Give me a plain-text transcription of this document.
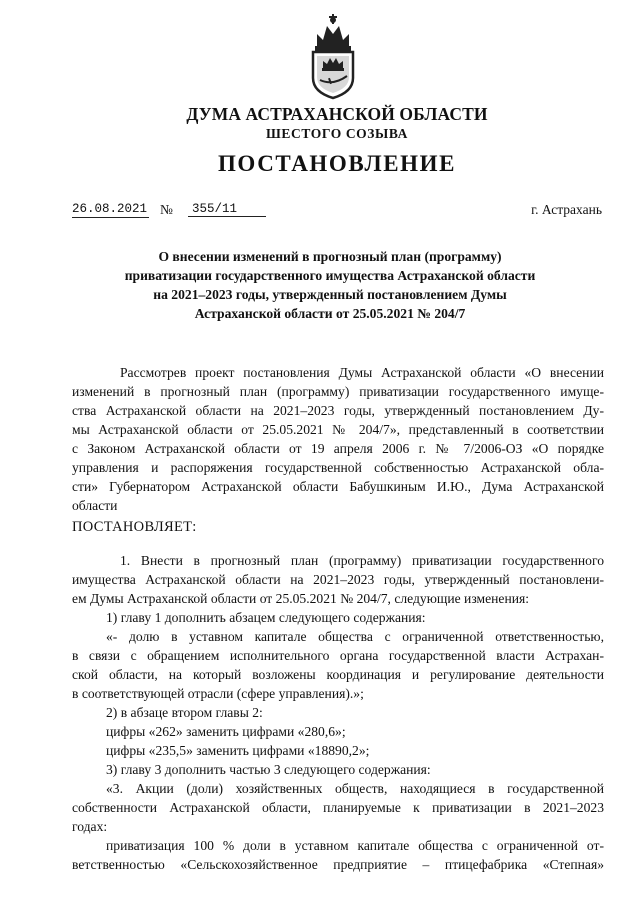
ДУМА АСТРАХАНСКОЙ ОБЛАСТИ
ШЕСТОГО СОЗЫВА
ПОСТАНОВЛЕНИЕ
26.08.2021 №	355/11	г. Астрахань
О внесении изменений в прогнозный план (программу)
приватизации государственного имущества Астраханской области
на 2021–2023 годы, утвержденный постановлением Думы
Астраханской области от 25.05.2021 № 204/7
Рассмотрев проект постановления Думы Астраханской области «О внесении
изменений в прогнозный план (программу) приватизации государственного имуще-
ства Астраханской области на 2021–2023 годы, утвержденный постановлением Ду-
мы Астраханской области от 25.05.2021 № 204/7», представленный в соответствии
с Законом Астраханской области от 19 апреля 2006 г. № 7/2006-ОЗ «О порядке
управления и распоряжения государственной собственностью Астраханской обла-
сти» Губернатором Астраханской области Бабушкиным И.Ю., Дума Астраханской
области
ПОСТАНОВЛЯЕТ:
1. Внести в прогнозный план (программу) приватизации государственного
имущества Астраханской области на 2021–2023 годы, утвержденный постановлени-
ем Думы Астраханской области от 25.05.2021 № 204/7, следующие изменения:
1) главу 1 дополнить абзацем следующего содержания:
«- долю в уставном капитале общества с ограниченной ответственностью,
в связи с обращением исполнительного органа государственной власти Астрахан-
ской области, на который возложены координация и регулирование деятельности
в соответствующей отрасли (сфере управления).»;
2) в абзаце втором главы 2:
цифры «262» заменить цифрами «280,6»;
цифры «235,5» заменить цифрами «18890,2»;
3) главу 3 дополнить частью 3 следующего содержания:
«3. Акции (доли) хозяйственных обществ, находящиеся в государственной
собственности Астраханской области, планируемые к приватизации в 2021–2023
годах:
приватизация 100 % доли в уставном капитале общества с ограниченной от-
ветственностью «Сельскохозяйственное предприятие – птицефабрика «Степная»
